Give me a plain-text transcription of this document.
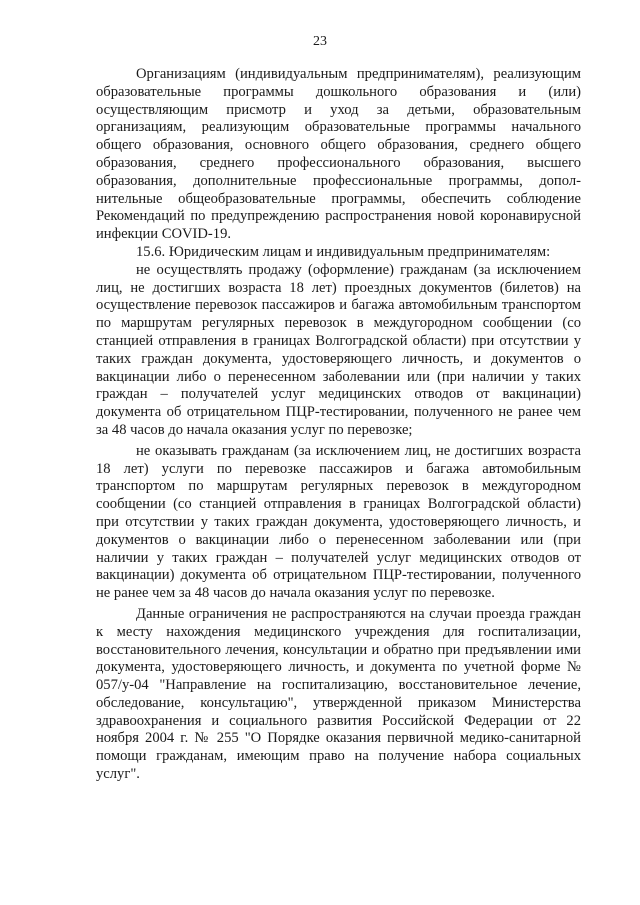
23

Организациям (индивидуальным предпринимателям), реализующим образовательные программы дошкольного образования и (или) осуществляющим присмотр и уход за детьми, образовательным организациям, реализующим образовательные программы начального общего образования, основного общего образования, среднего общего образования, среднего профессионального образования, высшего образования, дополнительные профессиональные программы, дополнительные общеобразовательные программы, обеспечить соблюдение Рекомендаций по предупреждению распространения новой коронавирусной инфекции COVID-19.

15.6. Юридическим лицам и индивидуальным предпринимателям:

не осуществлять продажу (оформление) гражданам (за исключением лиц, не достигших возраста 18 лет) проездных документов (билетов) на осуществление перевозок пассажиров и багажа автомобильным транспортом по маршрутам регулярных перевозок в междугородном сообщении (со станцией отправления в границах Волгоградской области) при отсутствии у таких граждан документа, удостоверяющего личность, и документов о вакцинации либо о перенесенном заболевании или (при наличии у таких граждан – получателей услуг медицинских отводов от вакцинации) документа об отрицательном ПЦР-тестировании, полученного не ранее чем за 48 часов до начала оказания услуг по перевозке;

не оказывать гражданам (за исключением лиц, не достигших возраста 18 лет) услуги по перевозке пассажиров и багажа автомобильным транспортом по маршрутам регулярных перевозок в междугородном сообщении (со станцией отправления в границах Волгоградской области) при отсутствии у таких граждан документа, удостоверяющего личность, и документов о вакцинации либо о перенесенном заболевании или (при наличии у таких граждан – получателей услуг медицинских отводов от вакцинации) документа об отрицательном ПЦР-тестировании, полученного не ранее чем за 48 часов до начала оказания услуг по перевозке.

Данные ограничения не распространяются на случаи проезда граждан к месту нахождения медицинского учреждения для госпитализации, восстановительного лечения, консультации и обратно при предъявлении ими документа, удостоверяющего личность, и документа по учетной форме № 057/у-04 "Направление на госпитализацию, восстановительное лечение, обследование, консультацию", утвержденной приказом Министерства здравоохранения и социального развития Российской Федерации от 22 ноября 2004 г. № 255 "О Порядке оказания первичной медико-санитарной помощи гражданам, имеющим право на получение набора социальных услуг".
